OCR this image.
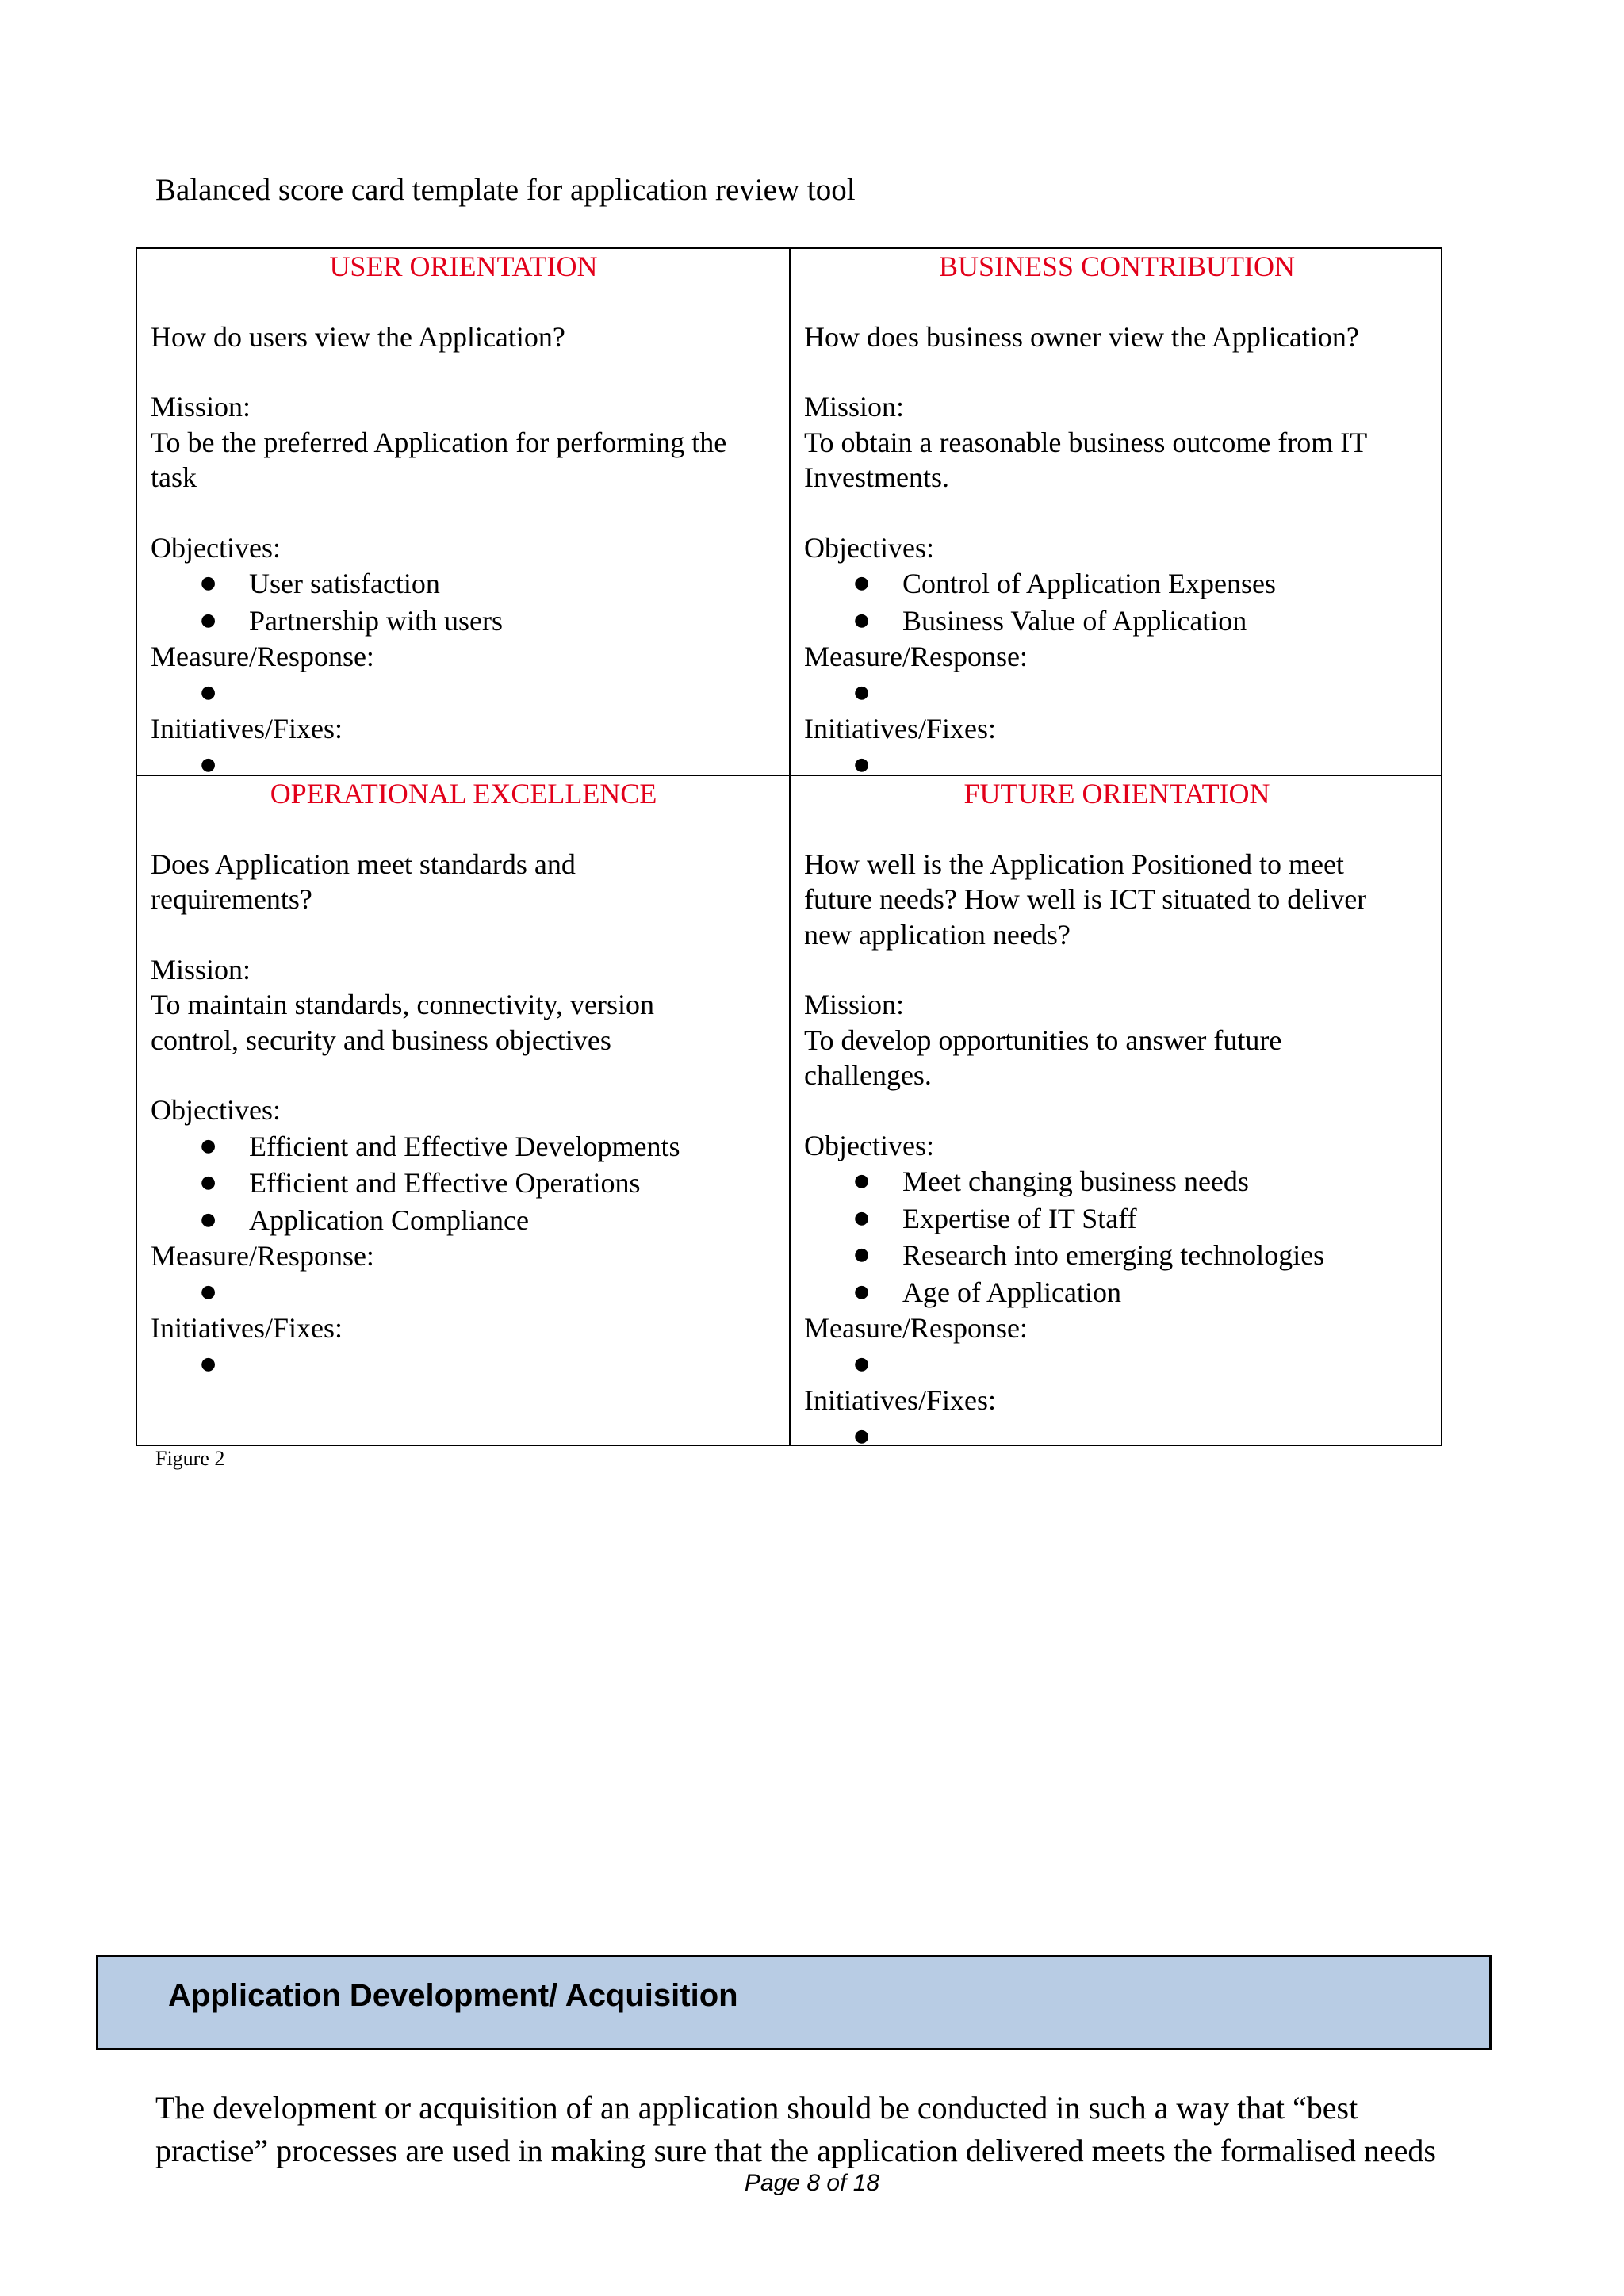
Balanced score card template for application review tool
USER ORIENTATION

How do users view the Application?

Mission:

To be the preferred Application for performing the

task

Objectives:

● User satisfaction
● Partnership with users

Measure/Response:

●

Initiatives/Fixes:

●
BUSINESS CONTRIBUTION

How does business owner view the Application?

Mission:

To obtain a reasonable business outcome from IT

Investments.

Objectives:

● Control of Application Expenses
● Business Value of Application

Measure/Response:

●

Initiatives/Fixes:

●
OPERATIONAL EXCELLENCE

Does Application meet standards and

requirements?

Mission:

To maintain standards, connectivity, version

control, security and business objectives

Objectives:

● Efficient and Effective Developments
● Efficient and Effective Operations
● Application Compliance

Measure/Response:

●

Initiatives/Fixes:

●
FUTURE ORIENTATION

How well is the Application Positioned to meet

future needs? How well is ICT situated to deliver

new application needs?

Mission:

To develop opportunities to answer future

challenges.

Objectives:

● Meet changing business needs
● Expertise of IT Staff
● Research into emerging technologies
● Age of Application

Measure/Response:

●

Initiatives/Fixes:

●
Figure 2
Application Development/ Acquisition
The development or acquisition of an application should be conducted in such a way that “best
practise” processes are used in making sure that the application delivered meets the formalised needs
Page 8 of 18
